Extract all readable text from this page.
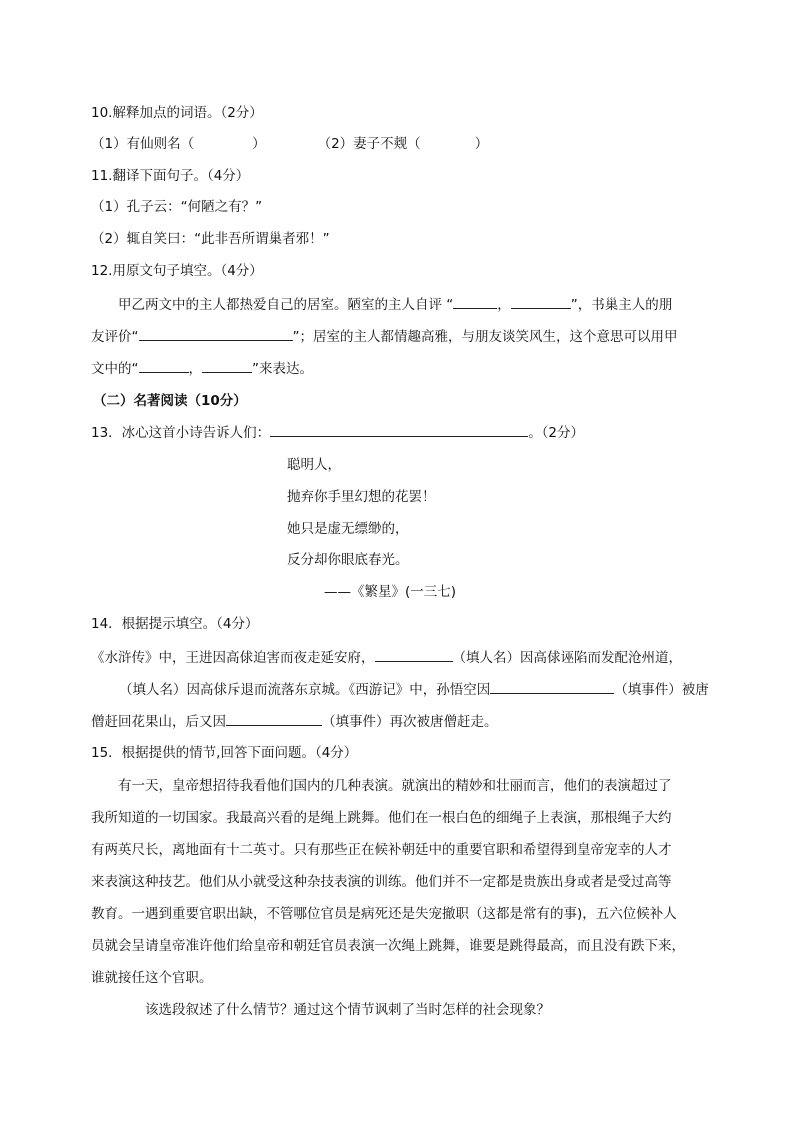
10.解释加点的词语。（2分）
（1）有仙则名（	）	（2）妻子不觌（	）
11.翻译下面句子。（4分）
（1）孔子云：“何陋之有？”
（2）辄自笑曰：“此非吾所谓巢者邪！”
12.用原文句子填空。（4分）
甲乙两文中的主人都热爱自己的居室。陋室的主人自评 “	，	”，书巢主人的朋
友评价“	”；居室的主人都情趣高雅，与朋友谈笑风生，这个意思可以用甲
文中的“	，	”来表达。
（二）名著阅读（10分）
13．冰心这首小诗告诉人们：	。（2分）
聪明人，
抛弃你手里幻想的花罢！
她只是虚无缥缈的，
反分却你眼底春光。
——《繁星》(一三七)
14．根据提示填空。（4分）
《水浒传》中，王进因高俅迫害而夜走延安府，	（填人名）因高俅诬陷而发配沧州道，
（填人名）因高俅斥退而流落东京城。《西游记》中，孙悟空因	（填事件）被唐
僧赶回花果山，后又因	（填事件）再次被唐僧赶走。
15．根据提供的情节,回答下面问题。（4分）
有一天，皇帝想招待我看他们国内的几种表演。就演出的精妙和壮丽而言，他们的表演超过了
我所知道的一切国家。我最高兴看的是绳上跳舞。他们在一根白色的细绳子上表演，那根绳子大约
有两英尺长，离地面有十二英寸。只有那些正在候补朝廷中的重要官职和希望得到皇帝宠幸的人才
来表演这种技艺。他们从小就受这种杂技表演的训练。他们并不一定都是贵族出身或者是受过高等
教育。一遇到重要官职出缺，不管哪位官员是病死还是失宠撤职（这都是常有的事)，五六位候补人
员就会呈请皇帝准许他们给皇帝和朝廷官员表演一次绳上跳舞，谁要是跳得最高，而且没有跌下来，
谁就接任这个官职。
该选段叙述了什么情节？通过这个情节讽刺了当时怎样的社会现象？
